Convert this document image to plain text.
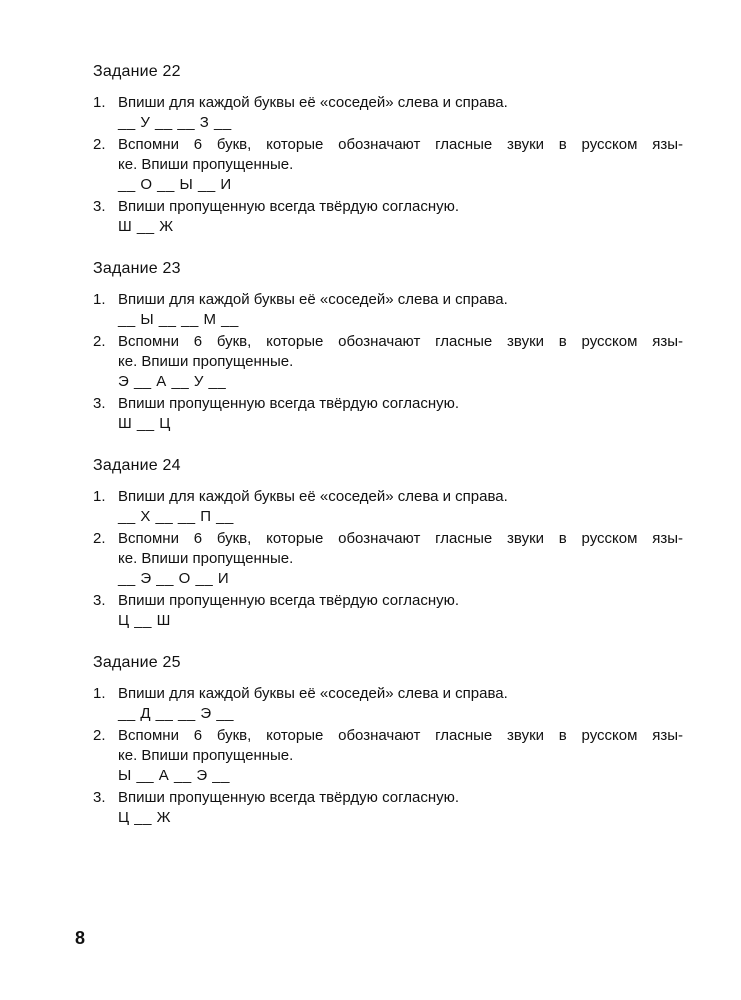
Задание 22
1. Впиши для каждой буквы её «соседей» слева и справа.
__ У __ __ З __
2. Вспомни 6 букв, которые обозначают гласные звуки в русском язы-
ке. Впиши пропущенные.
__ О __ Ы __ И
3. Впиши пропущенную всегда твёрдую согласную.
Ш __ Ж
Задание 23
1. Впиши для каждой буквы её «соседей» слева и справа.
__ Ы __ __ М __
2. Вспомни 6 букв, которые обозначают гласные звуки в русском язы-
ке. Впиши пропущенные.
Э __ А __ У __
3. Впиши пропущенную всегда твёрдую согласную.
Ш __ Ц
Задание 24
1. Впиши для каждой буквы её «соседей» слева и справа.
__ Х __ __ П __
2. Вспомни 6 букв, которые обозначают гласные звуки в русском язы-
ке. Впиши пропущенные.
__ Э __ О __ И
3. Впиши пропущенную всегда твёрдую согласную.
Ц __ Ш
Задание 25
1. Впиши для каждой буквы её «соседей» слева и справа.
__ Д __ __ Э __
2. Вспомни 6 букв, которые обозначают гласные звуки в русском язы-
ке. Впиши пропущенные.
Ы __ А __ Э __
3. Впиши пропущенную всегда твёрдую согласную.
Ц __ Ж
8
